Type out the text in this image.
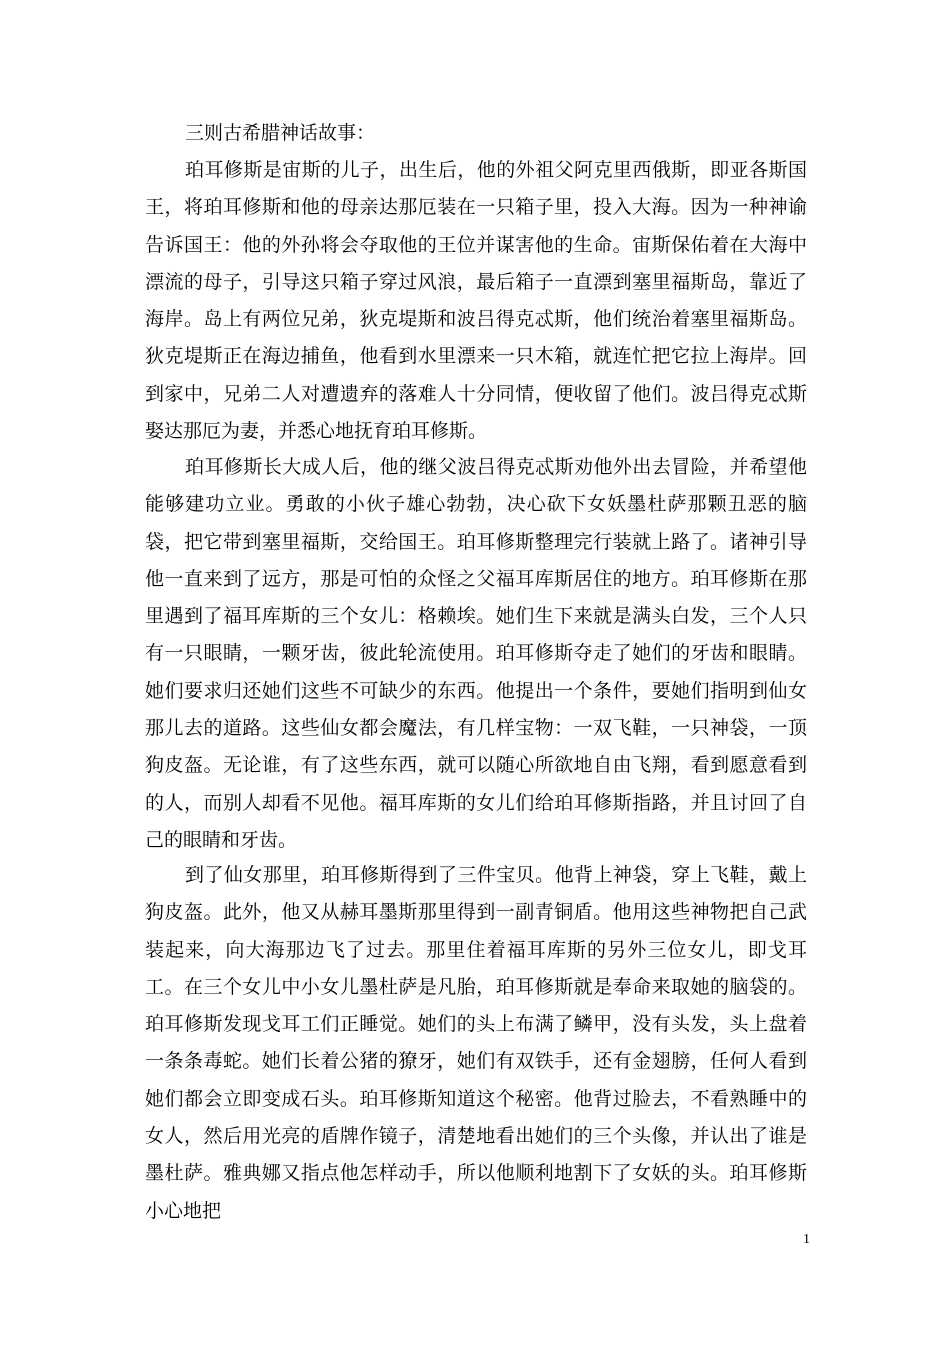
三则古希腊神话故事：

珀耳修斯是宙斯的儿子，出生后，他的外祖父阿克里西俄斯，即亚各斯国王，将珀耳修斯和他的母亲达那厄装在一只箱子里，投入大海。因为一种神谕告诉国王：他的外孙将会夺取他的王位并谋害他的生命。宙斯保佑着在大海中漂流的母子，引导这只箱子穿过风浪，最后箱子一直漂到塞里福斯岛，靠近了海岸。岛上有两位兄弟，狄克堤斯和波吕得克忒斯，他们统治着塞里福斯岛。狄克堤斯正在海边捕鱼，他看到水里漂来一只木箱，就连忙把它拉上海岸。回到家中，兄弟二人对遭遗弃的落难人十分同情，便收留了他们。波吕得克忒斯娶达那厄为妻，并悉心地抚育珀耳修斯。

珀耳修斯长大成人后，他的继父波吕得克忒斯劝他外出去冒险，并希望他能够建功立业。勇敢的小伙子雄心勃勃，决心砍下女妖墨杜萨那颗丑恶的脑袋，把它带到塞里福斯，交给国王。珀耳修斯整理完行装就上路了。诸神引导他一直来到了远方，那是可怕的众怪之父福耳库斯居住的地方。珀耳修斯在那里遇到了福耳库斯的三个女儿：格赖埃。她们生下来就是满头白发，三个人只有一只眼睛，一颗牙齿，彼此轮流使用。珀耳修斯夺走了她们的牙齿和眼睛。她们要求归还她们这些不可缺少的东西。他提出一个条件，要她们指明到仙女那儿去的道路。这些仙女都会魔法，有几样宝物：一双飞鞋，一只神袋，一顶狗皮盔。无论谁，有了这些东西，就可以随心所欲地自由飞翔，看到愿意看到的人，而别人却看不见他。福耳库斯的女儿们给珀耳修斯指路，并且讨回了自己的眼睛和牙齿。

到了仙女那里，珀耳修斯得到了三件宝贝。他背上神袋，穿上飞鞋，戴上狗皮盔。此外，他又从赫耳墨斯那里得到一副青铜盾。他用这些神物把自己武装起来，向大海那边飞了过去。那里住着福耳库斯的另外三位女儿，即戈耳工。在三个女儿中小女儿墨杜萨是凡胎，珀耳修斯就是奉命来取她的脑袋的。珀耳修斯发现戈耳工们正睡觉。她们的头上布满了鳞甲，没有头发，头上盘着一条条毒蛇。她们长着公猪的獠牙，她们有双铁手，还有金翅膀，任何人看到她们都会立即变成石头。珀耳修斯知道这个秘密。他背过脸去，不看熟睡中的女人，然后用光亮的盾牌作镜子，清楚地看出她们的三个头像，并认出了谁是墨杜萨。雅典娜又指点他怎样动手，所以他顺利地割下了女妖的头。珀耳修斯小心地把

1
